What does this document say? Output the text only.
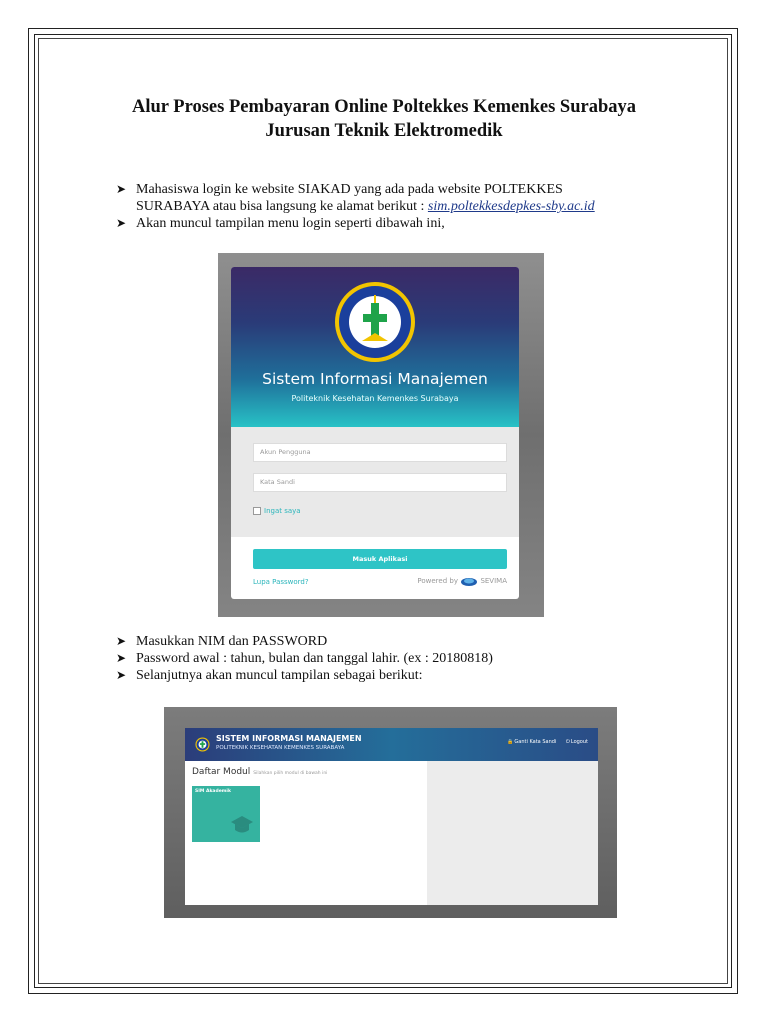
Alur Proses Pembayaran Online Poltekkes Kemenkes Surabaya
Jurusan Teknik Elektromedik
➤ Mahasiswa login ke website SIAKAD yang ada pada website POLTEKKES
SURABAYA atau bisa langsung ke alamat berikut : sim.poltekkesdepkes-sby.ac.id
➤ Akan muncul tampilan menu login seperti dibawah ini,
Sistem Informasi Manajemen
Politeknik Kesehatan Kemenkes Surabaya
Akun Pengguna
Kata Sandi
Ingat saya
Masuk Aplikasi
Lupa Password?	Powered by	SEVIMA
➤ Masukkan NIM dan PASSWORD
➤ Password awal : tahun, bulan dan tanggal lahir. (ex : 20180818)
➤ Selanjutnya akan muncul tampilan sebagai berikut:
SISTEM INFORMASI MANAJEMEN
POLITEKNIK KESEHATAN KEMENKES SURABAYA
🔒Ganti Kata Sandi ⏻Logout
Daftar Modul Silahkan pilih modul di bawah ini
SIM Akademik
